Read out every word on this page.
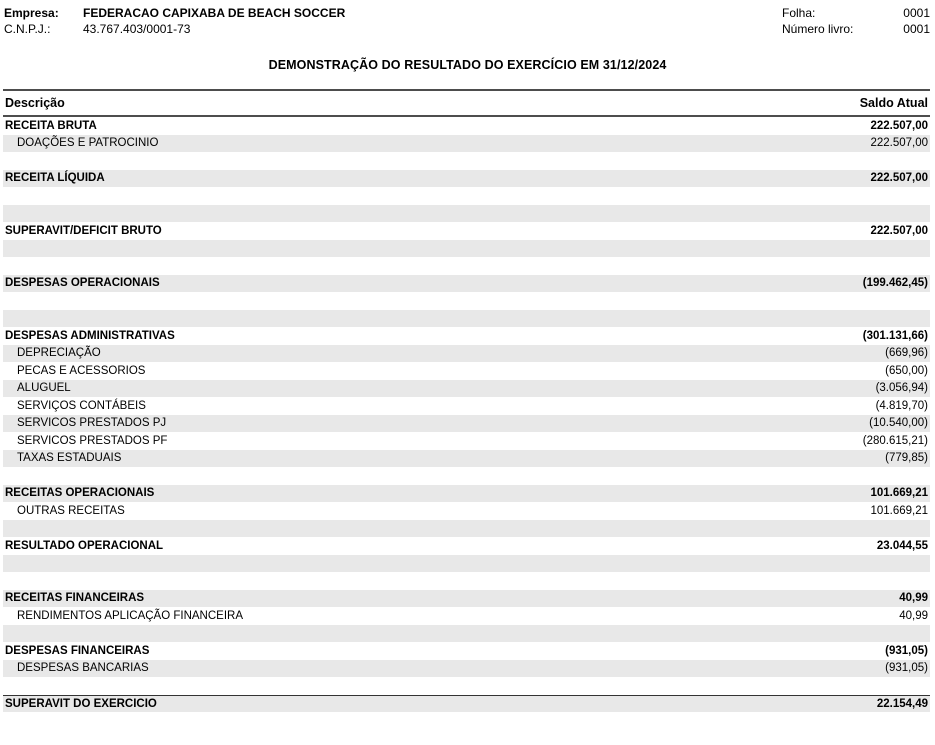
Empresa:	FEDERACAO CAPIXABA DE BEACH SOCCER
C.N.P.J.:	43.767.403/0001-73
Folha:	0001
Número livro:	0001
DEMONSTRAÇÃO DO RESULTADO DO EXERCÍCIO EM 31/12/2024
Descrição	Saldo Atual
RECEITA BRUTA	222.507,00
DOAÇÕES E PATROCINIO	222.507,00
RECEITA LÍQUIDA	222.507,00
SUPERAVIT/DEFICIT BRUTO	222.507,00
DESPESAS OPERACIONAIS	(199.462,45)
DESPESAS ADMINISTRATIVAS	(301.131,66)
DEPRECIAÇÃO	(669,96)
PECAS E ACESSORIOS	(650,00)
ALUGUEL	(3.056,94)
SERVIÇOS CONTÁBEIS	(4.819,70)
SERVICOS PRESTADOS PJ	(10.540,00)
SERVICOS PRESTADOS PF	(280.615,21)
TAXAS ESTADUAIS	(779,85)
RECEITAS OPERACIONAIS	101.669,21
OUTRAS RECEITAS	101.669,21
RESULTADO OPERACIONAL	23.044,55
RECEITAS FINANCEIRAS	40,99
RENDIMENTOS APLICAÇÃO FINANCEIRA	40,99
DESPESAS FINANCEIRAS	(931,05)
DESPESAS BANCARIAS	(931,05)
SUPERAVIT DO EXERCICIO	22.154,49
